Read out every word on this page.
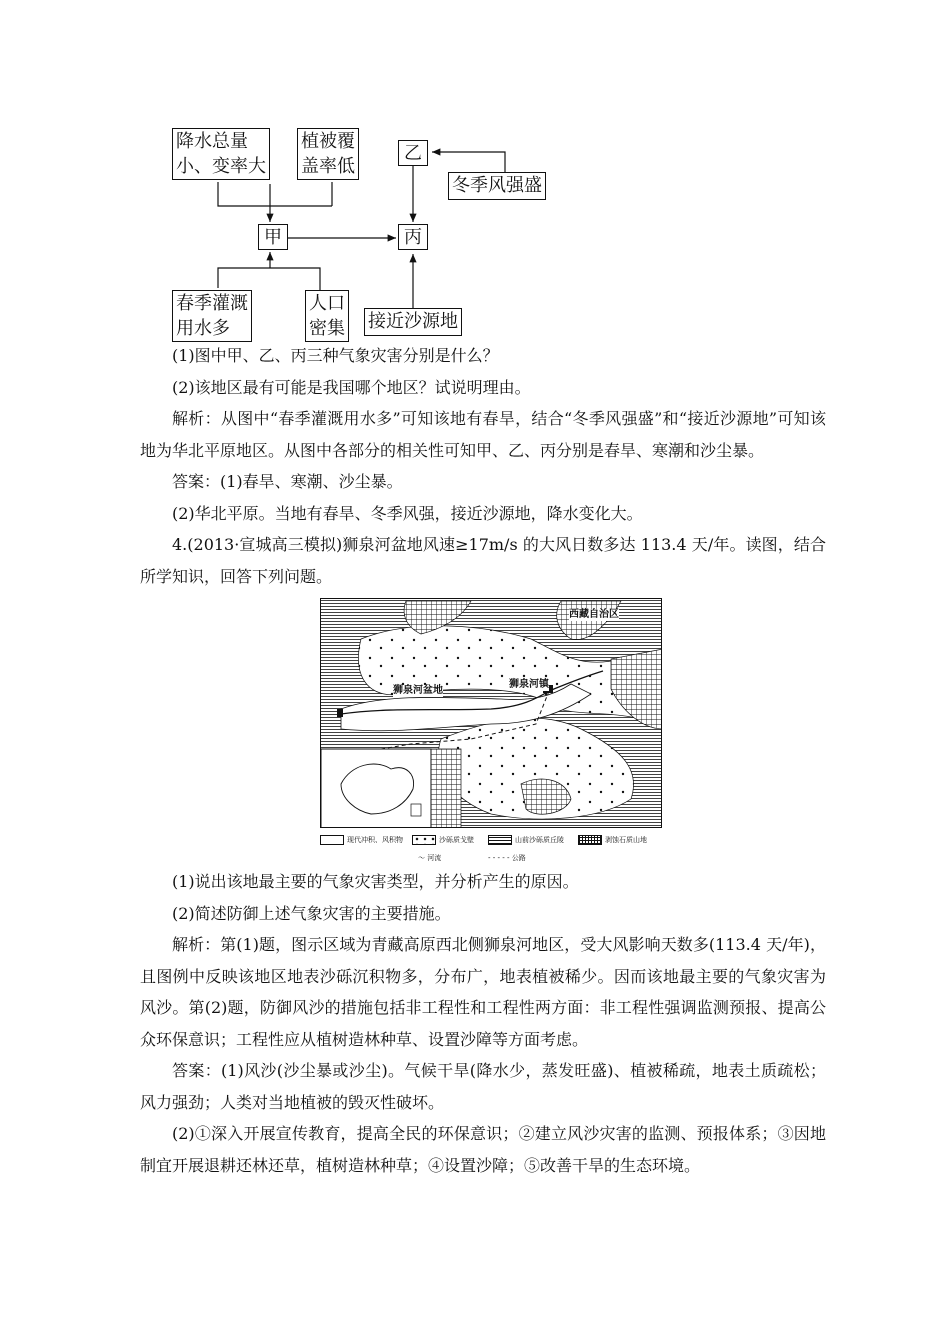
降水总量
小、变率大
植被覆
盖率低
乙
冬季风强盛
甲	丙
春季灌溉
用水多
人口
密集 接近沙源地

(1)图中甲、乙、丙三种气象灾害分别是什么？

(2)该地区最有可能是我国哪个地区？试说明理由。

解析：从图中“春季灌溉用水多”可知该地有春旱，结合“冬季风强盛”和“接近沙源地”可知该地为华北平原地区。从图中各部分的相关性可知甲、乙、丙分别是春旱、寒潮和沙尘暴。

答案：(1)春旱、寒潮、沙尘暴。

(2)华北平原。当地有春旱、冬季风强，接近沙源地，降水变化大。

4.(2013·宣城高三模拟)狮泉河盆地风速≥17m/s 的大风日数多达 113.4 天/年。读图，结合所学知识，回答下列问题。

西藏自治区
狮泉河盆地
狮泉河镇
现代冲积、风积物	沙砾质戈壁	山前沙砾质丘陵	剥蚀石质山地
〜 河流	- - - - - 公路

(1)说出该地最主要的气象灾害类型，并分析产生的原因。

(2)简述防御上述气象灾害的主要措施。

解析：第(1)题，图示区域为青藏高原西北侧狮泉河地区，受大风影响天数多(113.4 天/年)，且图例中反映该地区地表沙砾沉积物多，分布广，地表植被稀少。因而该地最主要的气象灾害为风沙。第(2)题，防御风沙的措施包括非工程性和工程性两方面：非工程性强调监测预报、提高公众环保意识；工程性应从植树造林种草、设置沙障等方面考虑。

答案：(1)风沙(沙尘暴或沙尘)。气候干旱(降水少，蒸发旺盛)、植被稀疏，地表土质疏松；风力强劲；人类对当地植被的毁灭性破坏。

(2)①深入开展宣传教育，提高全民的环保意识；②建立风沙灾害的监测、预报体系；③因地制宜开展退耕还林还草，植树造林种草；④设置沙障；⑤改善干旱的生态环境。
